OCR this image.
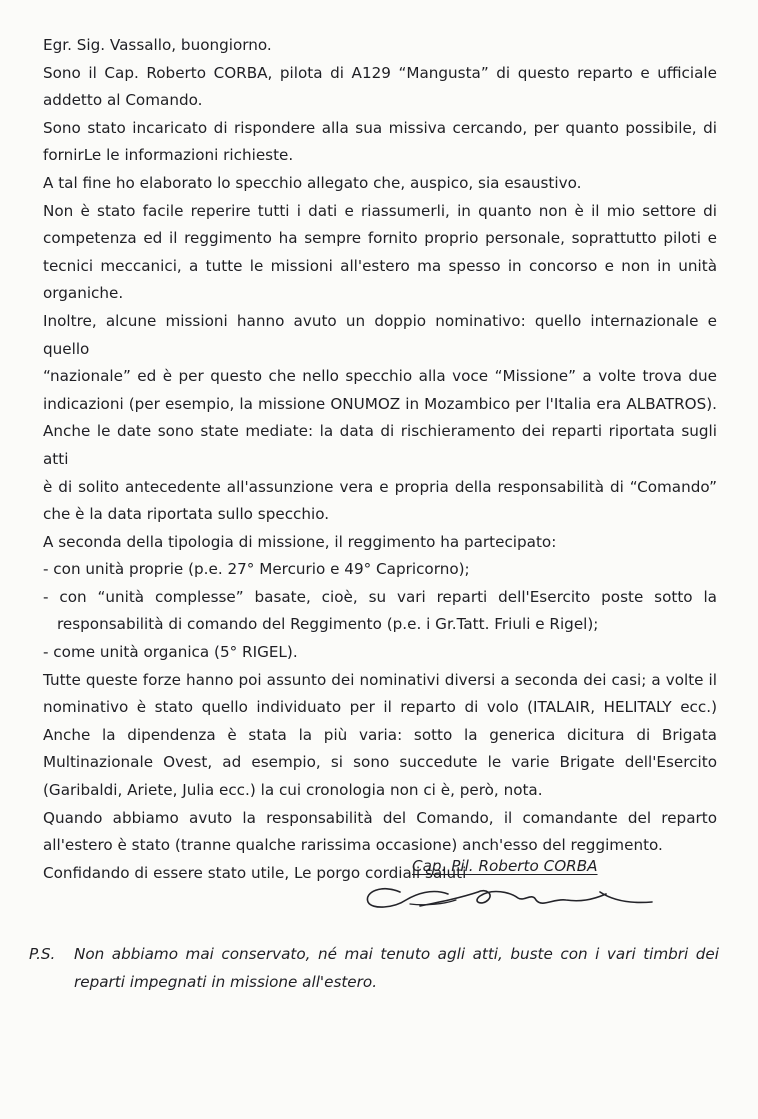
Egr. Sig. Vassallo, buongiorno.

Sono il Cap. Roberto CORBA, pilota di A129 “Mangusta” di questo reparto e ufficiale

addetto al Comando.

Sono stato incaricato di rispondere alla sua missiva cercando, per quanto possibile, di

fornirLe le informazioni richieste.

A tal fine ho elaborato lo specchio allegato che, auspico, sia esaustivo.

Non è stato facile reperire tutti i dati e riassumerli, in quanto non è il mio settore di

competenza ed il reggimento ha sempre fornito proprio personale, soprattutto piloti e

tecnici meccanici, a tutte le missioni all'estero ma spesso in concorso e non in unità

organiche.

Inoltre, alcune missioni hanno avuto un doppio nominativo: quello internazionale e quello

“nazionale” ed è per questo che nello specchio alla voce “Missione” a volte trova due

indicazioni (per esempio, la missione ONUMOZ in Mozambico per l'Italia era ALBATROS).

Anche le date sono state mediate: la data di rischieramento dei reparti riportata sugli atti

è di solito antecedente all'assunzione vera e propria della responsabilità di “Comando”

che è la data riportata sullo specchio.

A seconda della tipologia di missione, il reggimento ha partecipato:

- con unità proprie (p.e. 27° Mercurio e 49° Capricorno);

- con “unità complesse” basate, cioè, su vari reparti dell'Esercito poste sotto la

responsabilità di comando del Reggimento (p.e. i Gr.Tatt. Friuli e Rigel);

- come unità organica (5° RIGEL).

Tutte queste forze hanno poi assunto dei nominativi diversi a seconda dei casi; a volte il

nominativo è stato quello individuato per il reparto di volo (ITALAIR, HELITALY ecc.)

Anche la dipendenza è stata la più varia: sotto la generica dicitura di Brigata

Multinazionale Ovest, ad esempio, si sono succedute le varie Brigate dell'Esercito

(Garibaldi, Ariete, Julia ecc.) la cui cronologia non ci è, però, nota.

Quando abbiamo avuto la responsabilità del Comando, il comandante del reparto

all'estero è stato (tranne qualche rarissima occasione) anch'esso del reggimento.

Confidando di essere stato utile, Le porgo cordiali saluti

Cap. Pil. Roberto CORBA
P.S. Non abbiamo mai conservato, né mai tenuto agli atti, buste con i vari timbri dei
reparti impegnati in missione all'estero.
